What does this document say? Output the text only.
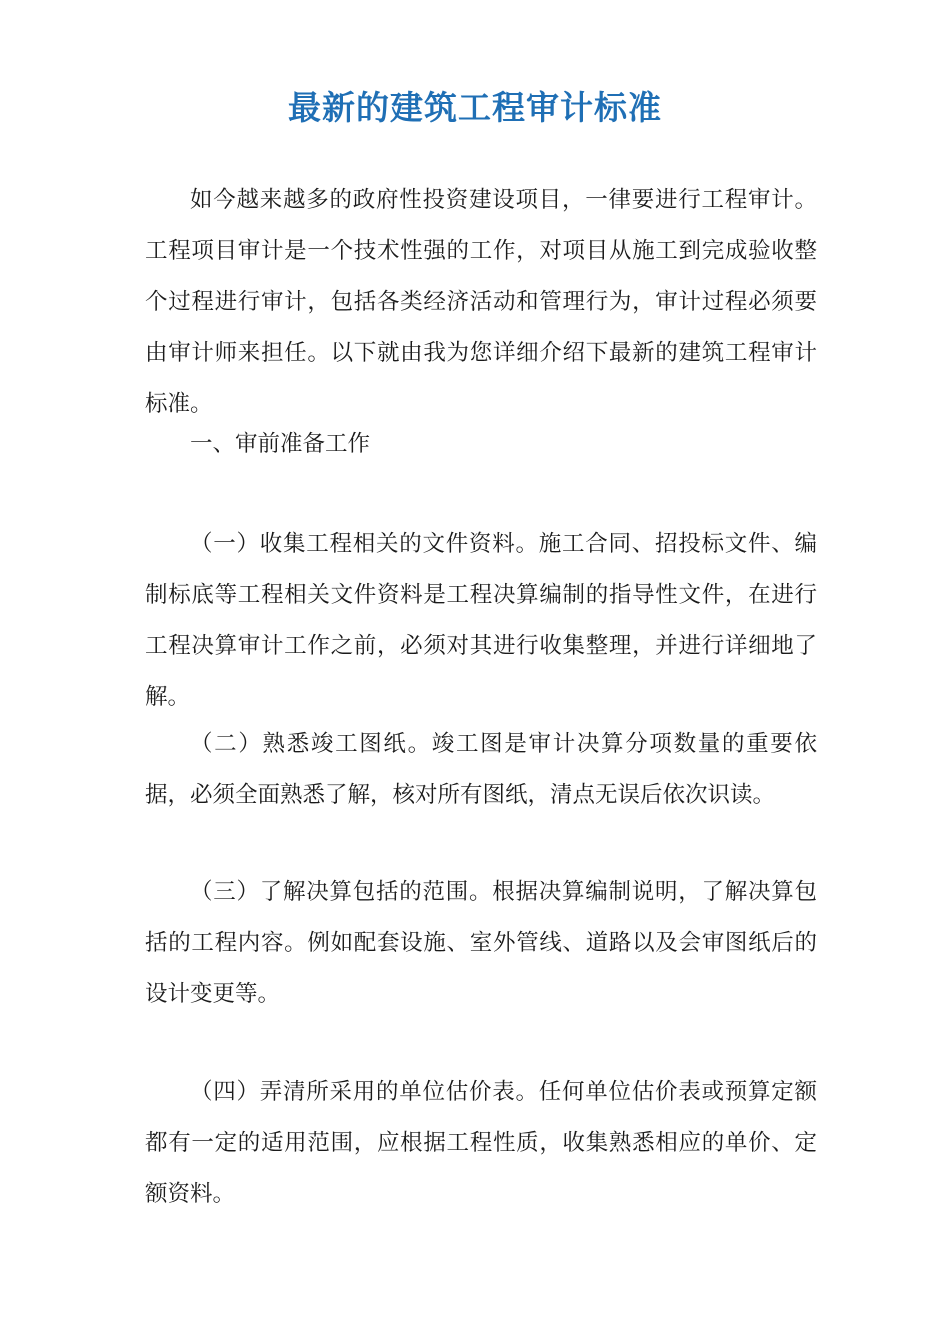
最新的建筑工程审计标准

如今越来越多的政府性投资建设项目，一律要进行工程审计。工程项目审计是一个技术性强的工作，对项目从施工到完成验收整个过程进行审计，包括各类经济活动和管理行为，审计过程必须要由审计师来担任。以下就由我为您详细介绍下最新的建筑工程审计标准。

一、审前准备工作

（一）收集工程相关的文件资料。施工合同、招投标文件、编制标底等工程相关文件资料是工程决算编制的指导性文件，在进行工程决算审计工作之前，必须对其进行收集整理，并进行详细地了解。

（二）熟悉竣工图纸。竣工图是审计决算分项数量的重要依据，必须全面熟悉了解，核对所有图纸，清点无误后依次识读。

（三）了解决算包括的范围。根据决算编制说明，了解决算包括的工程内容。例如配套设施、室外管线、道路以及会审图纸后的设计变更等。

（四）弄清所采用的单位估价表。任何单位估价表或预算定额都有一定的适用范围，应根据工程性质，收集熟悉相应的单价、定额资料。
